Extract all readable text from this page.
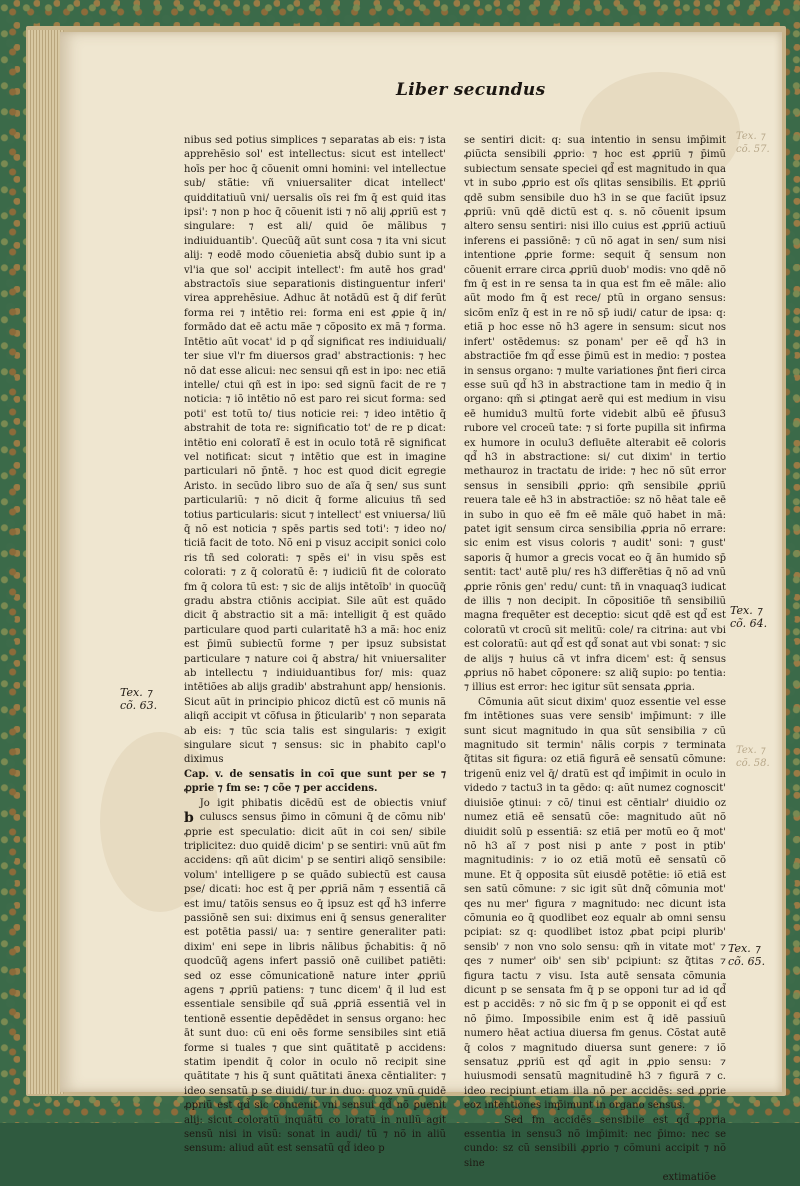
Liber secundus

nibus sed potius simplices ⁊ separatas ab eis: ⁊ ista apprehẽsio sol' est intellectus: sicut est intellect' hoīs per hoc q̄ cõuenit omni homini: vel intellectue sub/ stãtie: vñ vniuersaliter dicat intellect' quidditatiuũ vni/ uersalis oīs rei fm q̄ est quid itas ipsi': ⁊ non p hoc q̄ cõuenit isti ⁊ nõ alij ꝓpriũ est ⁊ singulare: ⁊ est ali/ quid õe mãlibus ⁊ indiuiduantib'. Quecũq̃ aũt sunt cosa ⁊ ita vni sicut alij: ⁊ eodē modo cõuenietia absq̃ dubio sunt ip a vl'ia que sol' accipit intellect': fm autē hos grad' abstractoīs siue separationis distinguentur inferi' virea apprehẽsiue. Adhuc āt notādũ est q̄ dif ferũt forma rei ⁊ intētio rei: forma eni est ꝓpie q̄ in/ formādo dat eē actu mãe ⁊ cõposito ex mã ⁊ forma. Intētio aũt vocat' id p qd̃ significat res indiuiduali/ ter siue vl'r fm diuersos grad' abstractionis: ⁊ hec nõ dat esse alicui: nec sensui qñ est in ipo: nec etiã intelle/ ctui qñ est in ipo: sed signũ facit de re ⁊ noticia: ⁊ iõ intētio nõ est paro rei sicut forma: sed poti' est totũ to/ tius noticie rei: ⁊ ideo intētio q̄ abstrahit de tota re: significatio tot' de re p dicat: intētio eni coloratĩ ē est in oculo totā rē significat vel notificat: sicut ⁊ intētio que est in imagine particulari nõ p̄ntē. ⁊ hoc est quod dicit egregie Aristo. in secũdo libro suo de aĩa q̄ sen/ sus sunt particulariũ: ⁊ nõ dicit q̄ forme alicuius tñ sed totius particularis: sicut ⁊ intellect' est vniuersa/ liũ q̄ nõ est noticia ⁊ spēs partis sed toti': ⁊ ideo no/ ticiā facit de toto. Nõ eni p visuz accipit sonici colo ris tñ sed colorati: ⁊ spēs ei' in visu spēs est colorati: ⁊ z q̄ coloratũ ē: ⁊ iudiciũ fit de colorato fm q̄ colora tũ est: ⁊ sic de alijs intētoīb' in quocũq̃ gradu abstra ctiōnis accipiat. Sile aũt est quãdo dicit q̄ abstractio sit a mã: intelligit q̄ est quãdo particulare quod parti cularitatē h3 a mã: hoc eniz est p̄imũ subiectũ forme ⁊ per ipsuz subsistat particulare ⁊ nature coi q̄ abstra/ hit vniuersaliter ab intellectu ⁊ indiuiduantibus for/ mis: quaz intētiões ab alijs gradib' abstrahunt app/ hensionis. Sicut aũt in principio phicoz dictũ est cõ munis nã aliqñ accipit vt cõfusa in p̃ticularib' ⁊ non separata ab eis: ⁊ tũc scia talis est singularis: ⁊ exigit singulare sicut ⁊ sensus: sic in phabito capl'o diximus

Cap. v. de sensatis in coī que sunt per se ⁊ ꝓprie ⁊ fm se: ⁊ cõe ⁊ per accidens.

b
Jo igit phibatis dicēdũ est de obiectis vniuf culuscs sensus p̄imo in cõmuni q̄ de cõmu nib' ꝓprie est speculatio: dicit aũt in coi sen/ sibile triplicitez: duo quidē dicim' p se sentiri: vnũ aũt fm accidens: qñ aũt dicim' p se sentiri aliqõ sensibile: volum' intelligere p se quãdo subiectũ est causa pse/ dicati: hoc est q̄ per ꝓpriã nãm ⁊ essentiã cã est imu/ tatõis sensus eo q̄ ipsuz est qd̃ h3 inferre passiõnē sen sui: diximus eni q̄ sensus generaliter est potētia passi/ ua: ⁊ sentire generaliter pati: dixim' eni sepe in libris nãlibus p̄chabitis: q̄ nõ quodcũq̃ agens infert passiõ onē cuilibet patiēti: sed oz esse cõmunicationē nature inter ꝓpriũ agens ⁊ ꝓpriũ patiens: ⁊ tunc dicem' q̄ il lud est essentiale sensibile qd̃ suã ꝓpriã essentiã vel in tentionē essentie depēdēdet in sensus organo: hec āt sunt duo: cũ eni oēs forme sensibiles sint etiã forme si tuales ⁊ que sint quãtitatē p accidens: statim ipendit q̄ color in oculo nõ recipit sine quãtitate ⁊ his q̄ sunt quãtitati ãnexa cēntialiter: ⁊ ideo sensatũ p se diuidi/ tur in duo: quoz vnũ quidē ꝓpriũ est qd̃ sic conuenit vni sensui qd̃ nõ ꝑuenit alij: sicut coloratũ inquãtũ co loratũ in nullũ agit sensũ nisi in visũ: sonat in audi/ tũ ⁊ nõ in aliũ sensum: aliud aũt est sensatũ qd̃ ideo p

se sentiri dicit: q: sua intentio in sensu imp̄imit ꝓiũcta sensibili ꝓprio: ⁊ hoc est ꝓpriũ ⁊ p̄imũ subiectum sensate speciei qd̃ est magnitudo in qua vt in subo ꝓprio est oĩs qlitas sensibilis. Et ꝓpriũ qdē subm sensibile duo h3 in se que faciũt ipsuz ꝓpriũ: vnũ qdē dictũ est q. s. nõ cõuenit ipsum altero sensu sentiri: nisi illo cuius est ꝓpriũ actiuũ inferens ei passiõnē: ⁊ cũ nõ agat in sen/ sum nisi intentione ꝓprie forme: sequit q̄ sensum non cõuenit errare circa ꝓpriũ duob' modis: vno qdē nõ fm q̄ est in re sensa ta in qua est fm eē mãle: alio aũt modo fm q̄ est rece/ ptũ in organo sensus: sicõm enĩz q̄ est in re nõ sp̄ iudi/ catur de ipsa: q: etiã p hoc esse nõ h3 agere in sensum: sicut nos infert' ostēdemus: sz ponam' per eē qd̃ h3 in abstractiõe fm qd̃ esse p̄imũ est in medio: ⁊ postea in sensus organo: ⁊ multe variationes p̃nt fieri circa esse suũ qd̃ h3 in abstractione tam in medio q̄ in organo: qm̃ si ꝓtingat aerē qui est medium in visu eē humidu3 multũ forte videbit albũ eē p̄fusu3 rubore vel croceũ tate: ⁊ si forte pupilla sit infirma ex humore in oculu3 defluēte alterabit eē coloris qd̃ h3 in abstractione: si/ cut dixim' in tertio methauroz in tractatu de iride: ⁊ hec nõ sũt error sensus in sensibili ꝓprio: qm̃ sensibile ꝓpriũ reuera tale eē h3 in abstractiõe: sz nõ hēat tale eē in subo in quo eē fm eē mãle quõ habet in mã: patet igit sensum circa sensibilia ꝓpria nõ errare: sic enim est visus coloris ⁊ audit' soni: ⁊ gust' saporis q̄ humor a grecis vocat eo q̄ ãn humido sp̄ sentit: tact' autē plu/ res h3 differētias q̄ nõ ad vnũ ꝓprie rõnis gen' redu/ cunt: tñ in vnaquaq3 iudicat de illis ⁊ non decipit. In cõpositiõe tñ sensibiliũ magna frequēter est deceptio: sicut qdē est qd̃ est coloratũ vt crocũ sit melitũ: cole/ ra citrina: aut vbi est coloratũ: aut qd̃ est qd̃ sonat aut vbi sonat: ⁊ sic de alijs ⁊ huius cã vt infra dicem' est: q̄ sensus ꝓprius nõ habet cõponere: sz aliq̃ supio: po tentia: ⁊ illius est error: hec igitur sũt sensata ꝓpria.

Cõmunia aũt sicut dixim' quoz essentie vel esse fm intētiones suas vere sensib' imp̄imunt: ⁊ ille sunt sicut magnitudo in qua sũt sensibilia ⁊ cũ magnitudo sit termin' nãlis corpis ⁊ terminata q̃titas sit figura: oz etiã figurã eē sensatũ cõmune: trigenũ eniz vel q̄/ dratũ est qd̃ imp̄imit in oculo in videdo ⁊ tactu3 in ta gēdo: q: aũt numez cognoscit' diuisiõe ꝯtinui: ⁊ cõ/ tinui est cēntialr' diuidio oz numez etiã eē sensatũ cõe: magnitudo aũt nõ diuidit solũ p essentiã: sz etiã per motũ eo q̄ mot' nõ h3 aĩ ⁊ post nisi p ante ⁊ post in ptib' magnitudinis: ⁊ io oz etiã motũ eē sensatũ cõ mune. Et q̄ opposita sũt eiusdē potētie: iõ etiã est sen satũ cõmune: ⁊ sic igit sũt dnq̃ cõmunia mot' qes nu mer' figura ⁊ magnitudo: nec dicunt ista cõmunia eo q̄ quodlibet eoz equalr ab omni sensu pcipiat: sz q: quodlibet istoz ꝓbat pcipi plurib' sensib' ⁊ non vno solo sensu: qm̃ in vitate mot' ⁊ qes ⁊ numer' oib' sen sib' pcipiunt: sz q̃titas ⁊ figura tactu ⁊ visu. Ista autē sensata cõmunia dicunt p se sensata fm q̄ p se opponi tur ad id qd̃ est p accidēs: ⁊ nõ sic fm q̄ p se opponit ei qd̃ est nõ p̄imo. Impossibile enim est q̄ idē passiuũ numero hēat actiua diuersa fm genus. Cõstat autē q̄ colos ⁊ magnitudo diuersa sunt genere: ⁊ iõ sensatuz ꝓpriũ est qd̃ agit in ꝓpio sensu: ⁊ huiusmodi sensatũ magnitudinē h3 ⁊ figurã ⁊ c. ideo recipiunt etiam illa nõ per accidēs: sed ꝓprie eoz intentiones imp̄imunt in organo sensus.

Sed fm accidēs sensibile est qd̃ ꝓpria essentia in sensu3 nõ imp̄imit: nec p̄imo: nec se cundo: sz cũ sensibili ꝓprio ⁊ cõmuni accipit ⁊ nõ sine

extimatiõe

Tex. ⁊
cõ. 63.
Tex. ⁊
cõ. 64.
Tex. ⁊
cõ. 65.
Tex. ⁊
cõ. 57.
Tex. ⁊
cõ. 58.
